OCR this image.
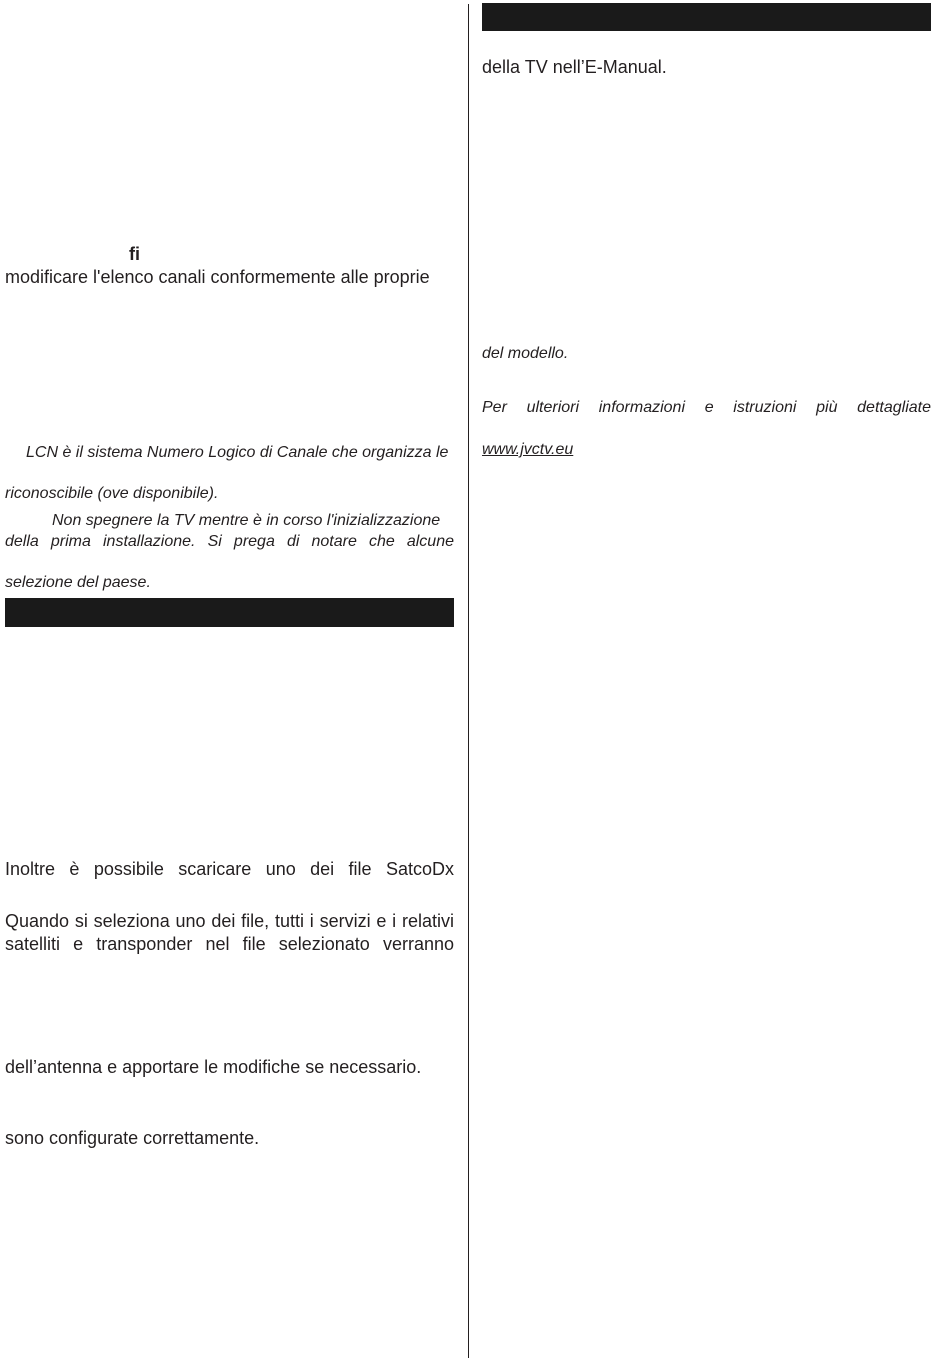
fi
modificare l'elenco canali conformemente alle proprie
LCN è il sistema Numero Logico di Canale che organizza le
riconoscibile (ove disponibile).
Non spegnere la TV mentre è in corso l'inizializzazione
della prima installazione. Si prega di notare che alcune
selezione del paese.
Inoltre è possibile scaricare uno dei file SatcoDx
Quando si seleziona uno dei file, tutti i servizi e i relativi
satelliti e transponder nel file selezionato verranno
dell’antenna e apportare le modifiche se necessario.
sono configurate correttamente.
della TV nell’E-Manual.
del modello.
Per ulteriori informazioni e istruzioni più dettagliate
www.jvctv.eu
